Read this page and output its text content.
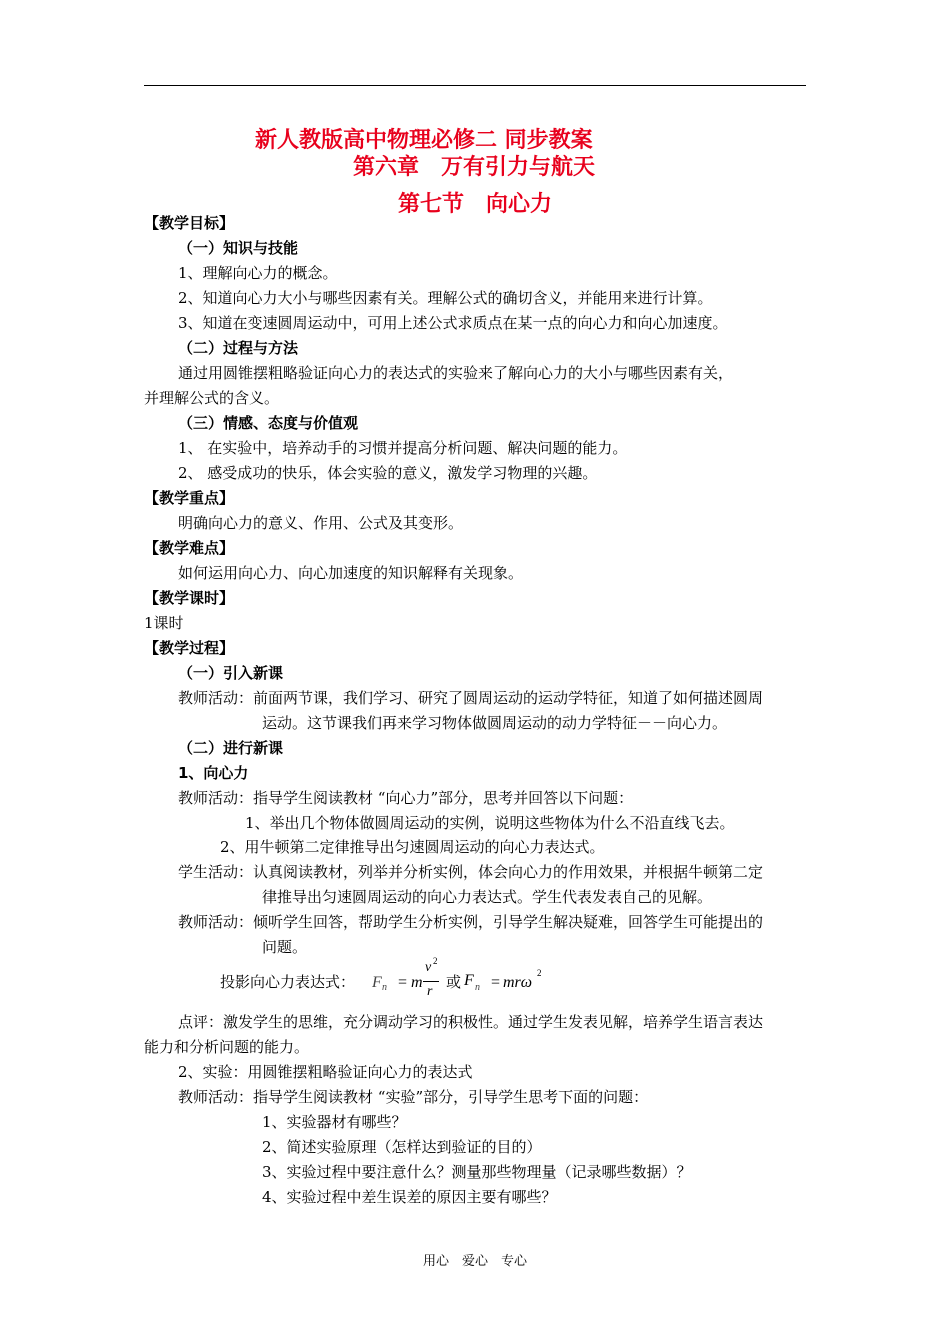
新人教版高中物理必修二 同步教案
第六章　万有引力与航天
第七节　向心力
【教学目标】
（一）知识与技能
1、理解向心力的概念。
2、知道向心力大小与哪些因素有关。理解公式的确切含义，并能用来进行计算。
3、知道在变速圆周运动中，可用上述公式求质点在某一点的向心力和向心加速度。
（二）过程与方法
通过用圆锥摆粗略验证向心力的表达式的实验来了解向心力的大小与哪些因素有关，
并理解公式的含义。
（三）情感、态度与价值观
1、 在实验中，培养动手的习惯并提高分析问题、解决问题的能力。
2、 感受成功的快乐，体会实验的意义，激发学习物理的兴趣。
【教学重点】
明确向心力的意义、作用、公式及其变形。
【教学难点】
如何运用向心力、向心加速度的知识解释有关现象。
【教学课时】
1课时
【教学过程】
（一）引入新课
教师活动：前面两节课，我们学习、研究了圆周运动的运动学特征，知道了如何描述圆周
运动。这节课我们再来学习物体做圆周运动的动力学特征－－向心力。
（二）进行新课
1、向心力
教师活动：指导学生阅读教材 “向心力”部分，思考并回答以下问题：
1、举出几个物体做圆周运动的实例，说明这些物体为什么不沿直线飞去。
2、用牛顿第二定律推导出匀速圆周运动的向心力表达式。
学生活动：认真阅读教材，列举并分析实例，体会向心力的作用效果，并根据牛顿第二定
律推导出匀速圆周运动的向心力表达式。学生代表发表自己的见解。
教师活动：倾听学生回答，帮助学生分析实例，引导学生解决疑难，回答学生可能提出的
问题。
投影向心力表达式： F n = m
v 2
r
或 F n = mrω
2
点评：激发学生的思维，充分调动学习的积极性。通过学生发表见解，培养学生语言表达
能力和分析问题的能力。
2、实验：用圆锥摆粗略验证向心力的表达式
教师活动：指导学生阅读教材 “实验”部分，引导学生思考下面的问题：
1、实验器材有哪些？
2、简述实验原理（怎样达到验证的目的）
3、实验过程中要注意什么？测量那些物理量（记录哪些数据）？
4、实验过程中差生误差的原因主要有哪些？
用心　爱心　专心
